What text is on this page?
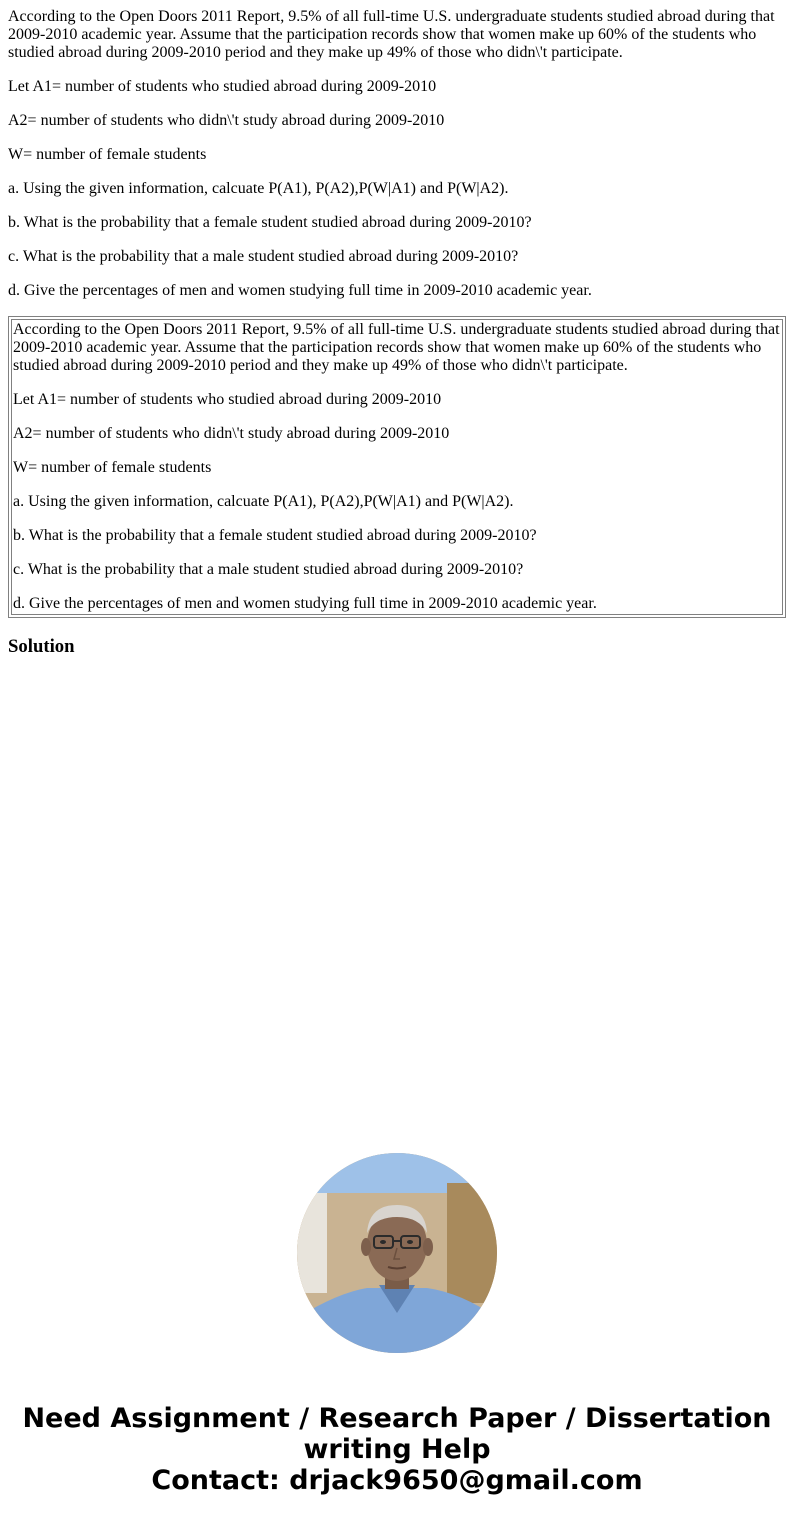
According to the Open Doors 2011 Report, 9.5% of all full-time U.S. undergraduate students studied abroad during that 2009-2010 academic year. Assume that the participation records show that women make up 60% of the students who studied abroad during 2009-2010 period and they make up 49% of those who didn\'t participate.

Let A1= number of students who studied abroad during 2009-2010

A2= number of students who didn\'t study abroad during 2009-2010

W= number of female students

a. Using the given information, calcuate P(A1), P(A2),P(W|A1) and P(W|A2).

b. What is the probability that a female student studied abroad during 2009-2010?

c. What is the probability that a male student studied abroad during 2009-2010?

d. Give the percentages of men and women studying full time in 2009-2010 academic year.

According to the Open Doors 2011 Report, 9.5% of all full-time U.S. undergraduate students studied abroad during that 2009-2010 academic year. Assume that the participation records show that women make up 60% of the students who studied abroad during 2009-2010 period and they make up 49% of those who didn\'t participate.

Let A1= number of students who studied abroad during 2009-2010

A2= number of students who didn\'t study abroad during 2009-2010

W= number of female students

a. Using the given information, calcuate P(A1), P(A2),P(W|A1) and P(W|A2).

b. What is the probability that a female student studied abroad during 2009-2010?

c. What is the probability that a male student studied abroad during 2009-2010?

d. Give the percentages of men and women studying full time in 2009-2010 academic year.

Solution
Need Assignment / Research Paper / Dissertation writing Help
Contact: drjack9650@gmail.com
